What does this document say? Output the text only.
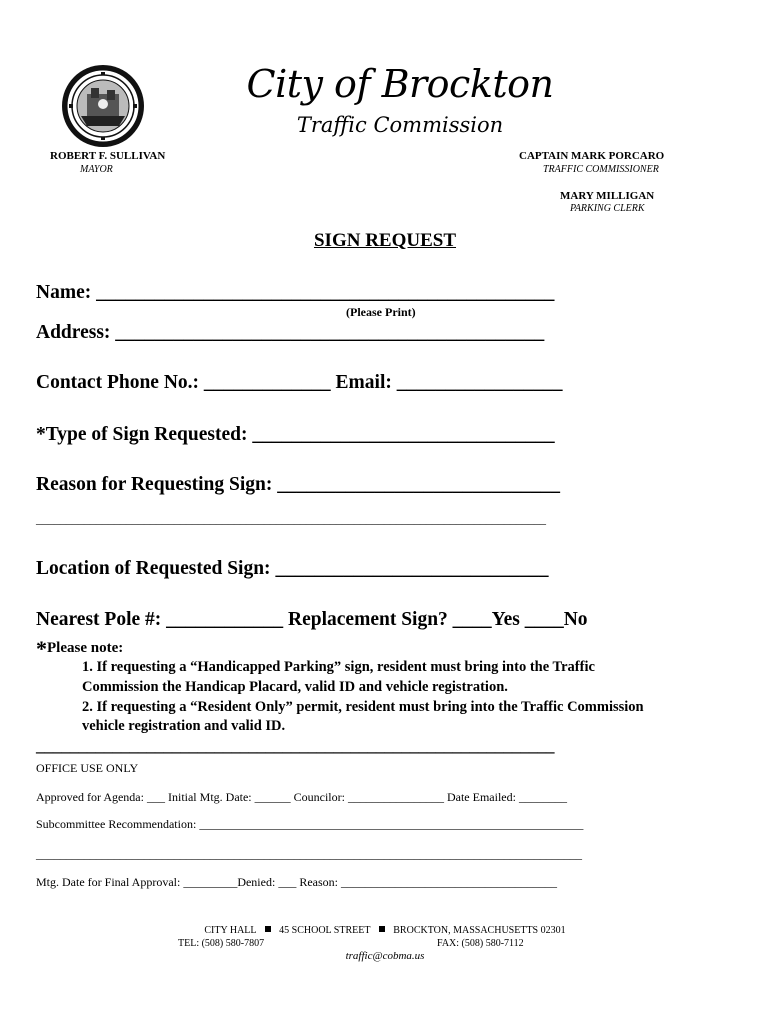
City of Brockton
Traffic Commission
ROBERT F. SULLIVAN
MAYOR
CAPTAIN MARK PORCARO
TRAFFIC COMMISSIONER
MARY MILLIGAN
PARKING CLERK
SIGN REQUEST
Name: _______________________________________________
(Please Print)
Address: ____________________________________________
Contact Phone No.: _____________ Email: _________________
*Type of Sign Requested: _______________________________
Reason for Requesting Sign: _____________________________
_____________________________________________________________________________________
Location of Requested Sign: ____________________________
Nearest Pole #: ____________ Replacement Sign? ____Yes ____No
*Please note:
1. If requesting a “Handicapped Parking” sign, resident must bring into the Traffic
Commission the Handicap Placard, valid ID and vehicle registration.
2. If requesting a “Resident Only” permit, resident must bring into the Traffic Commission
vehicle registration and valid ID.
_____________________________________________________________
OFFICE USE ONLY
Approved for Agenda: ___ Initial Mtg. Date: ______ Councilor: ________________ Date Emailed: ________
Subcommittee Recommendation: ________________________________________________________________
___________________________________________________________________________________________
Mtg. Date for Final Approval: _________Denied: ___ Reason: ____________________________________
CITY HALL 45 SCHOOL STREET BROCKTON, MASSACHUSETTS 02301
TEL: (508) 580-7807	FAX: (508) 580-7112
traffic@cobma.us
